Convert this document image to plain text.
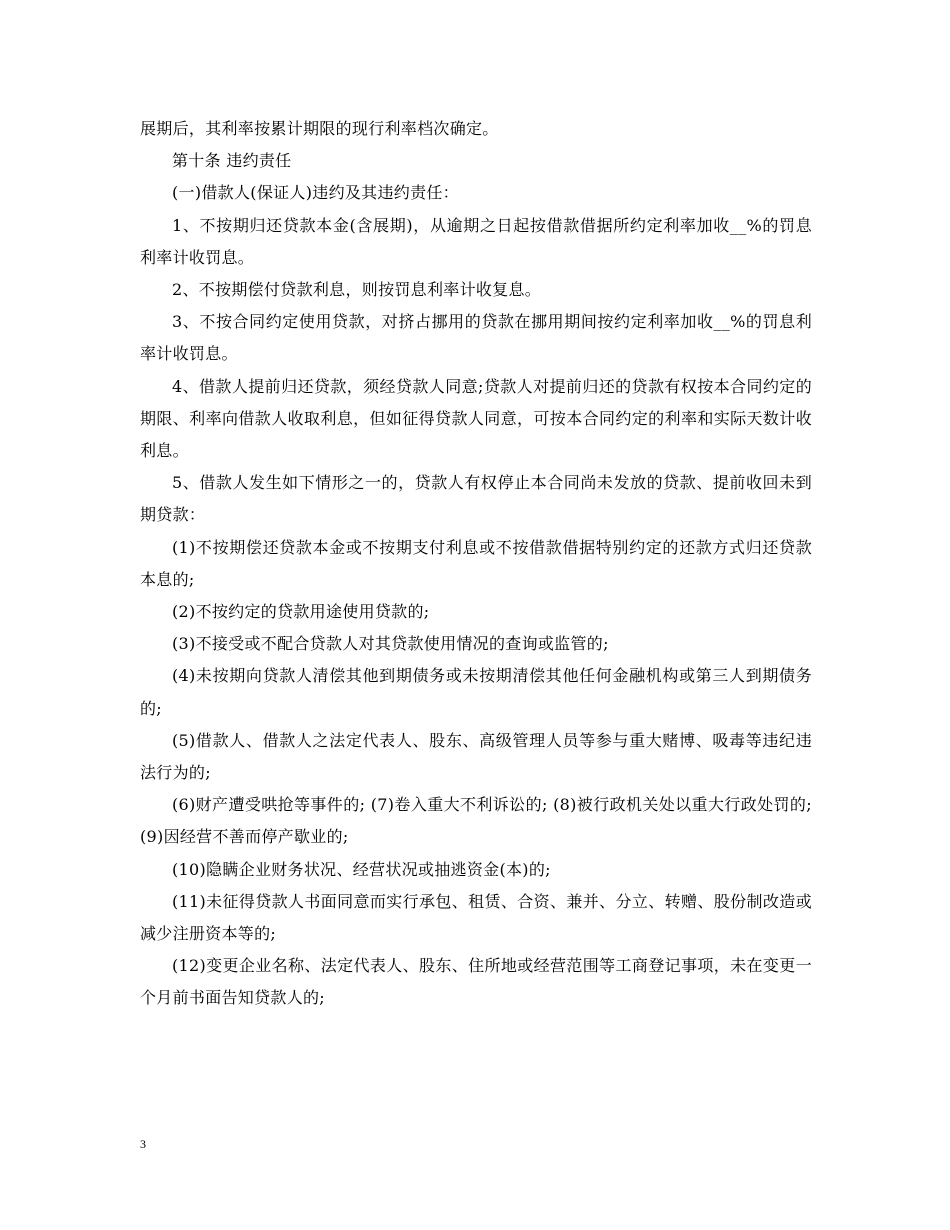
展期后，其利率按累计期限的现行利率档次确定。

第十条 违约责任

(一)借款人(保证人)违约及其违约责任：

1、不按期归还贷款本金(含展期)，从逾期之日起按借款借据所约定利率加收__%的罚息利率计收罚息。

2、不按期偿付贷款利息，则按罚息利率计收复息。

3、不按合同约定使用贷款，对挤占挪用的贷款在挪用期间按约定利率加收__%的罚息利率计收罚息。

4、借款人提前归还贷款，须经贷款人同意;贷款人对提前归还的贷款有权按本合同约定的期限、利率向借款人收取利息，但如征得贷款人同意，可按本合同约定的利率和实际天数计收利息。

5、借款人发生如下情形之一的，贷款人有权停止本合同尚未发放的贷款、提前收回未到期贷款：

(1)不按期偿还贷款本金或不按期支付利息或不按借款借据特别约定的还款方式归还贷款本息的;

(2)不按约定的贷款用途使用贷款的;

(3)不接受或不配合贷款人对其贷款使用情况的查询或监管的;

(4)未按期向贷款人清偿其他到期债务或未按期清偿其他任何金融机构或第三人到期债务的;

(5)借款人、借款人之法定代表人、股东、高级管理人员等参与重大赌博、吸毒等违纪违法行为的;

(6)财产遭受哄抢等事件的; (7)卷入重大不利诉讼的; (8)被行政机关处以重大行政处罚的; (9)因经营不善而停产歇业的;

(10)隐瞒企业财务状况、经营状况或抽逃资金(本)的;

(11)未征得贷款人书面同意而实行承包、租赁、合资、兼并、分立、转赠、股份制改造或减少注册资本等的;

(12)变更企业名称、法定代表人、股东、住所地或经营范围等工商登记事项，未在变更一个月前书面告知贷款人的;

3
